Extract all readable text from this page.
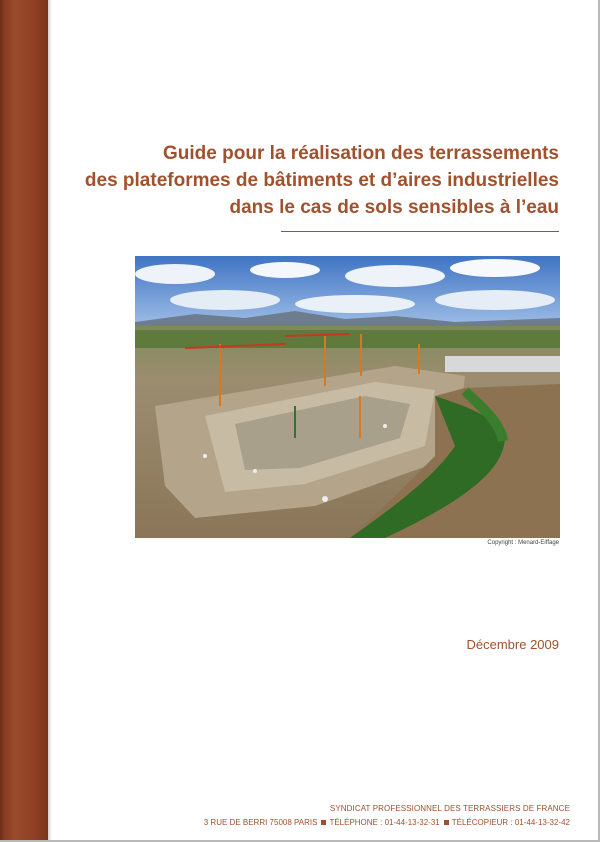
Guide pour la réalisation des terrassements
des plateformes de bâtiments et d’aires industrielles
dans le cas de sols sensibles à l’eau
Copyright : Menard-Eiffage
Décembre 2009
SYNDICAT PROFESSIONNEL DES TERRASSIERS DE FRANCE
3 RUE DE BERRI 75008 PARIS TÉLÉPHONE : 01-44-13-32-31 TÉLÉCOPIEUR : 01-44-13-32-42
